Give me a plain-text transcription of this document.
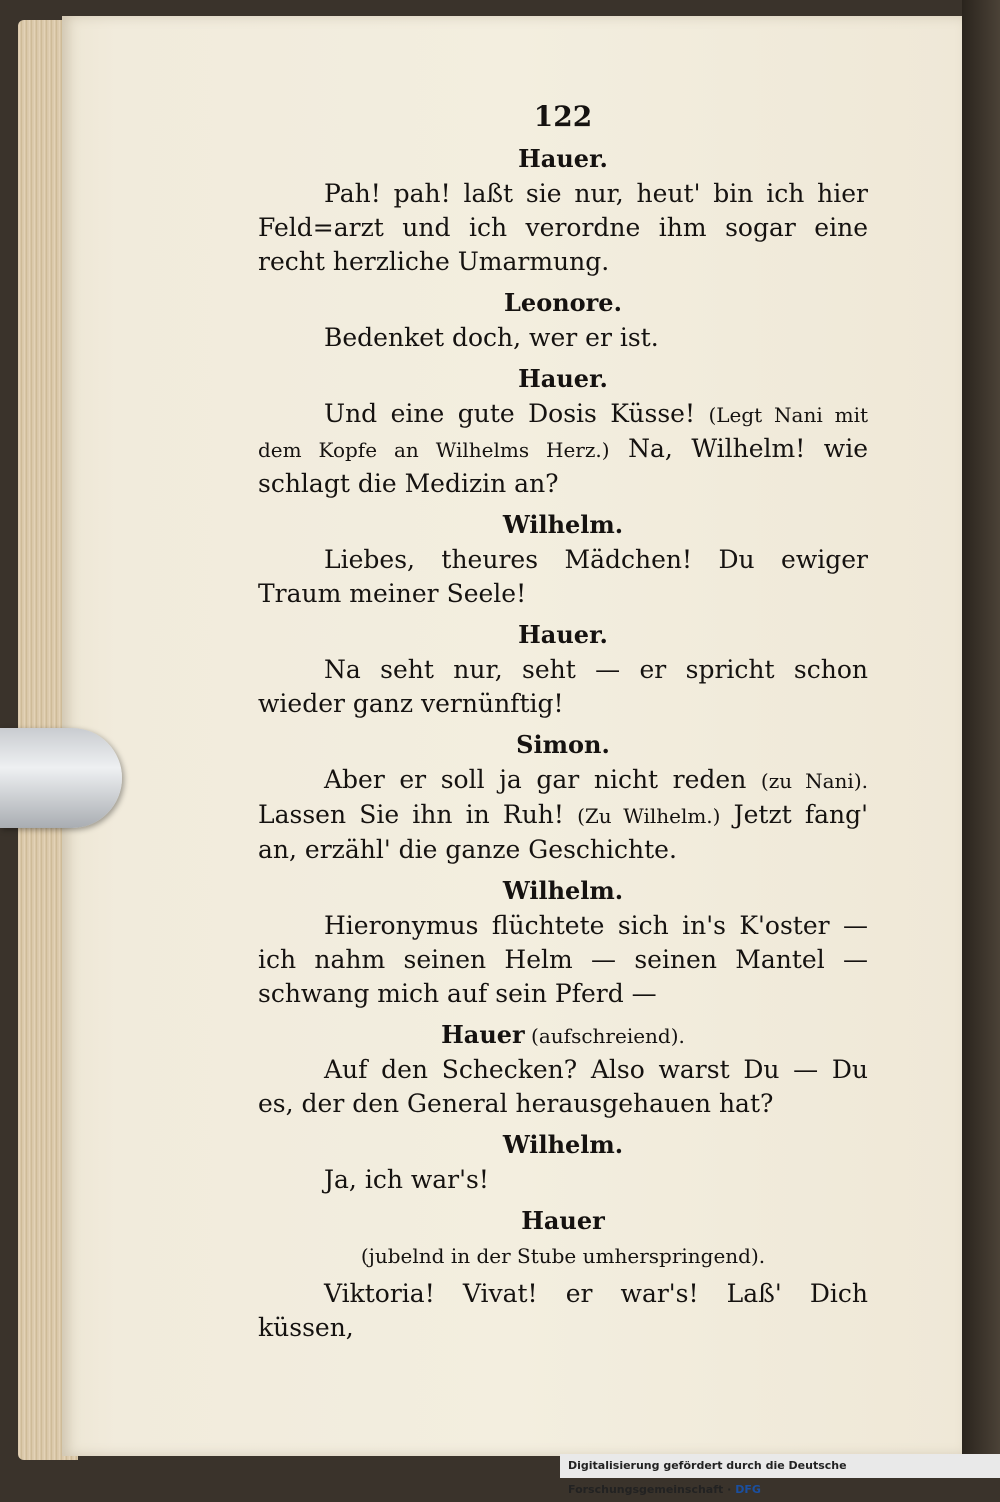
122
Hauer.

Pah! pah! laßt sie nur, heut' bin ich hier Feld=arzt und ich verordne ihm sogar eine recht herzliche Umarmung.

Leonore.

Bedenket doch, wer er ist.

Hauer.

Und eine gute Dosis Küsse! (Legt Nani mit dem Kopfe an Wilhelms Herz.) Na, Wilhelm! wie schlagt die Medizin an?

Wilhelm.

Liebes, theures Mädchen! Du ewiger Traum meiner Seele!

Hauer.

Na seht nur, seht — er spricht schon wieder ganz vernünftig!

Simon.

Aber er soll ja gar nicht reden (zu Nani). Lassen Sie ihn in Ruh! (Zu Wilhelm.) Jetzt fang' an, erzähl' die ganze Geschichte.

Wilhelm.

Hieronymus flüchtete sich in's K'oster — ich nahm seinen Helm — seinen Mantel — schwang mich auf sein Pferd —

Hauer (aufschreiend).

Auf den Schecken? Also warst Du — Du es, der den General herausgehauen hat?

Wilhelm.

Ja, ich war's!

Hauer
(jubelnd in der Stube umherspringend).

Viktoria! Vivat! er war's! Laß' Dich küssen,

Digitalisierung gefördert durch die Deutsche Forschungsgemeinschaft · DFG
